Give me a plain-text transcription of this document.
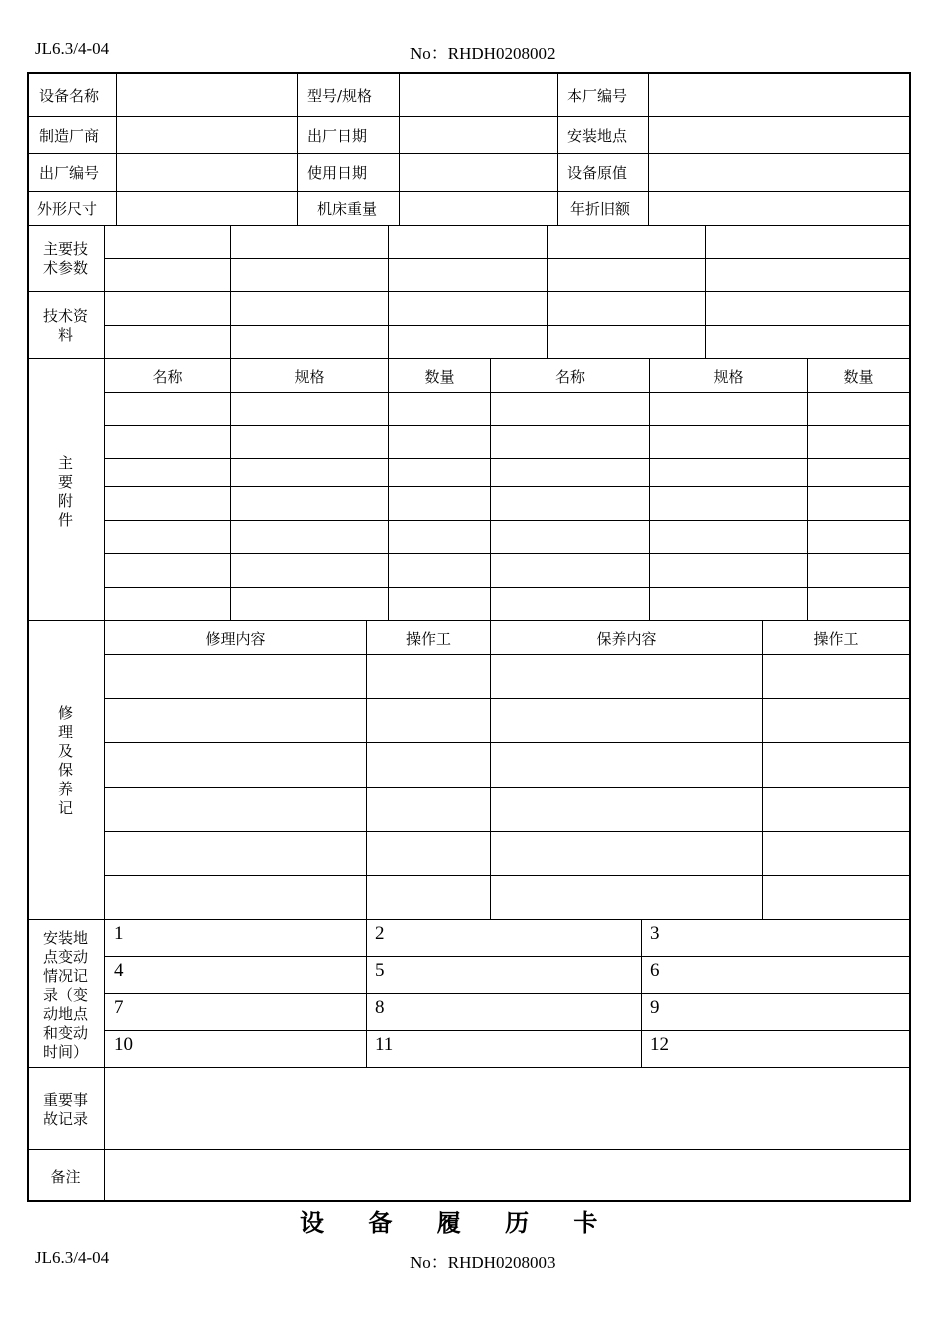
JL6.3/4-04	No：RHDH0208002
设备名称	型号/规格	本厂编号
制造厂商	出厂日期	安装地点
出厂编号	使用日期	设备原值
外形尺寸	机床重量	年折旧额
主要技
术参数
技术资
料
主
要
附
件
名称	规格	数量	名称	规格	数量
修
理
及
保
养
记
修理内容	操作工	保养内容	操作工
安装地
点变动
情况记
录（变
动地点
和变动
时间）
1	2	3
4	5	6
7	8	9
10	11	12
重要事
故记录
备注
设 备 履 历 卡
JL6.3/4-04	No：RHDH0208003
